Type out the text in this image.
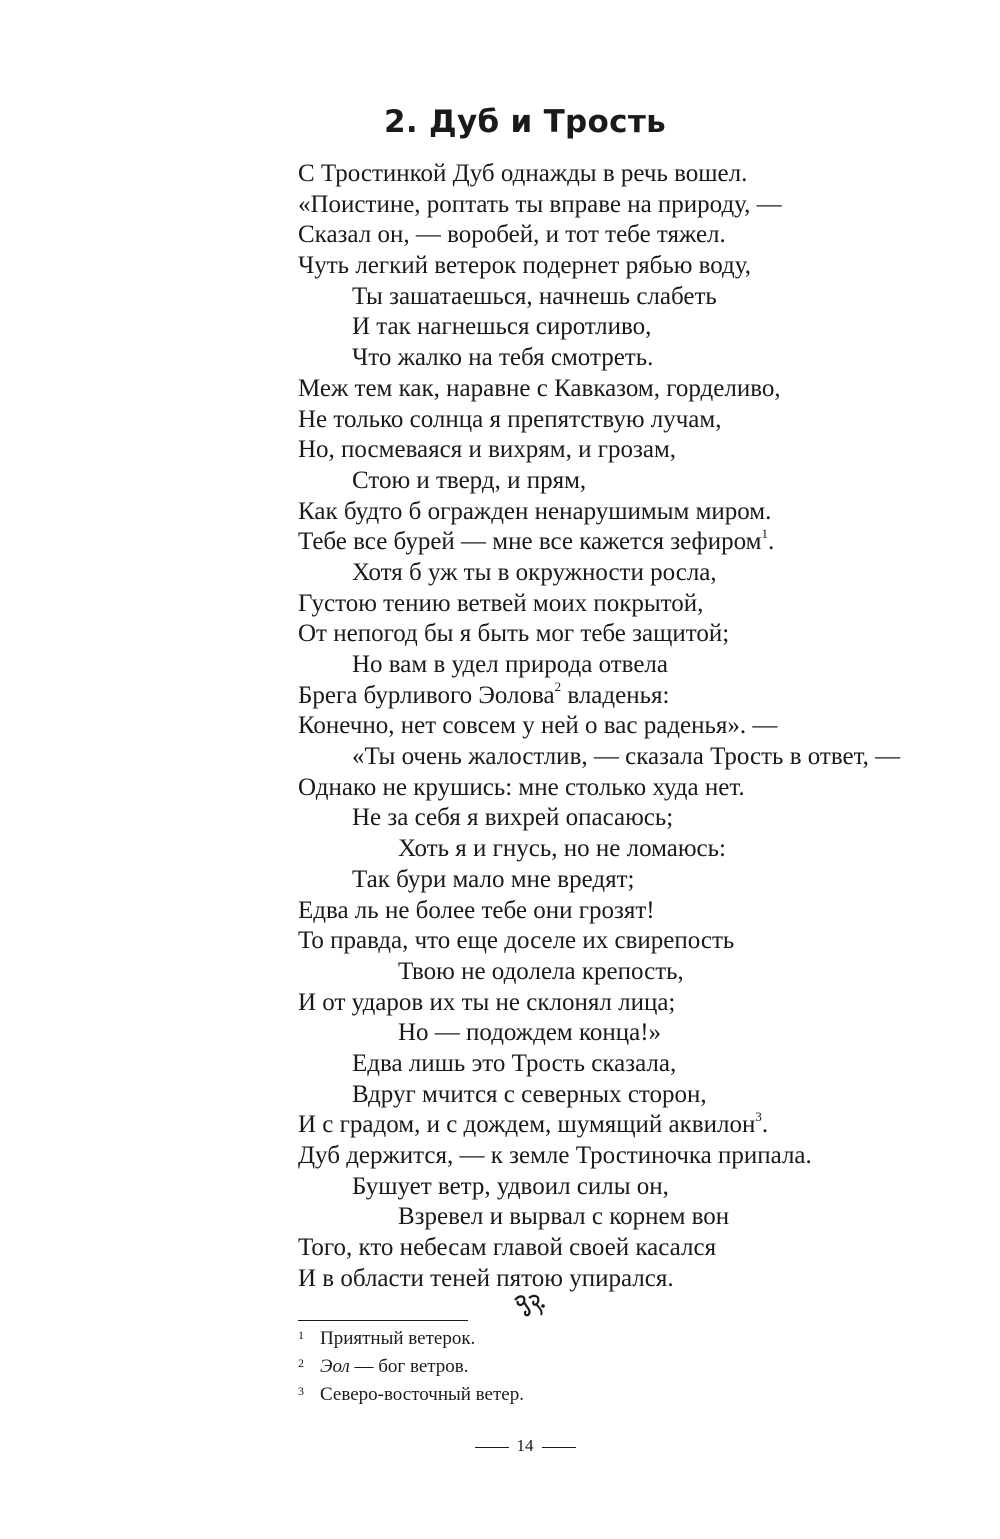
2. Дуб и Трость
С Тростинкой Дуб однажды в речь вошел.
«Поистине, роптать ты вправе на природу, —
Сказал он, — воробей, и тот тебе тяжел.
Чуть легкий ветерок подернет рябью воду,
Ты зашатаешься, начнешь слабеть
И так нагнешься сиротливо,
Что жалко на тебя смотреть.
Меж тем как, наравне с Кавказом, горделиво,
Не только солнца я препятствую лучам,
Но, посмеваяся и вихрям, и грозам,
Стою и тверд, и прям,
Как будто б огражден ненарушимым миром.
Тебе все бурей — мне все кажется зефиром$^1$.
Хотя б уж ты в окружности росла,
Густою тению ветвей моих покрытой,
От непогод бы я быть мог тебе защитой;
Но вам в удел природа отвела
Брега бурливого Эолова$^2$ владенья:
Конечно, нет совсем у ней о вас раденья». —
«Ты очень жалостлив, — сказала Трость в ответ, —
Однако не крушись: мне столько худа нет.
Не за себя я вихрей опасаюсь;
Хоть я и гнусь, но не ломаюсь:
Так бури мало мне вредят;
Едва ль не более тебе они грозят!
То правда, что еще доселе их свирепость
Твою не одолела крепость,
И от ударов их ты не склонял лица;
Но — подождем конца!»
Едва лишь это Трость сказала,
Вдруг мчится с северных сторон,
И с градом, и с дождем, шумящий аквилон$^3$.
Дуб держится, — к земле Тростиночка припала.
Бушует ветр, удвоил силы он,
Взревел и вырвал с корнем вон
Того, кто небесам главой своей касался
И в области теней пятою упирался.
1 Приятный ветерок.
2 Эол — бог ветров.
3 Северо-восточный ветер.
14
